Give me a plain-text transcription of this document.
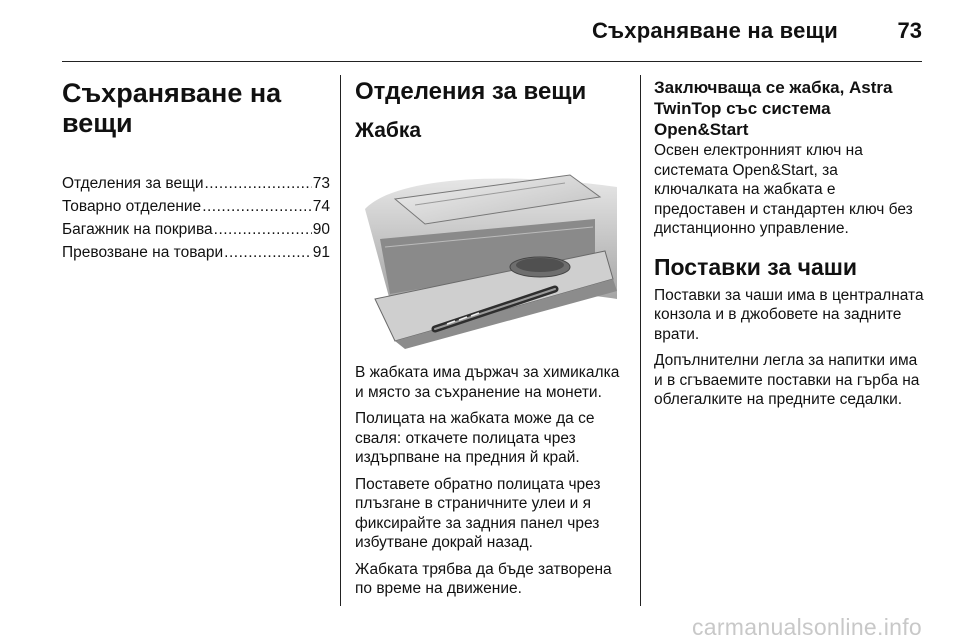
Съхраняване на вещи	73
Съхраняване на вещи
Отделения за вещи .....	73
Товарно отделение .....	74
Багажник на покрива .....	90
Превозване на товари .....	91
Отделения за вещи
Жабка

В жабката има държач за химикалка и място за съхранение на монети.

Полицата на жабката може да се сваля: откачете полицата чрез издърпване на предния й край.

Поставете обратно полицата чрез плъзгане в страничните улеи и я фиксирайте за задния панел чрез избутване докрай назад.

Жабката трябва да бъде затворена по време на движение.

Заключваща се жабка, Astra TwinTop със система Open&Start

Освен електронният ключ на системата Open&Start, за ключалката на жабката е предоставен и стандартен ключ без дистанционно управление.

Поставки за чаши

Поставки за чаши има в централната конзола и в джобовете на задните врати.

Допълнителни легла за напитки има и в сгъваемите поставки на гърба на облегалките на предните седалки.

carmanualsonline.info
